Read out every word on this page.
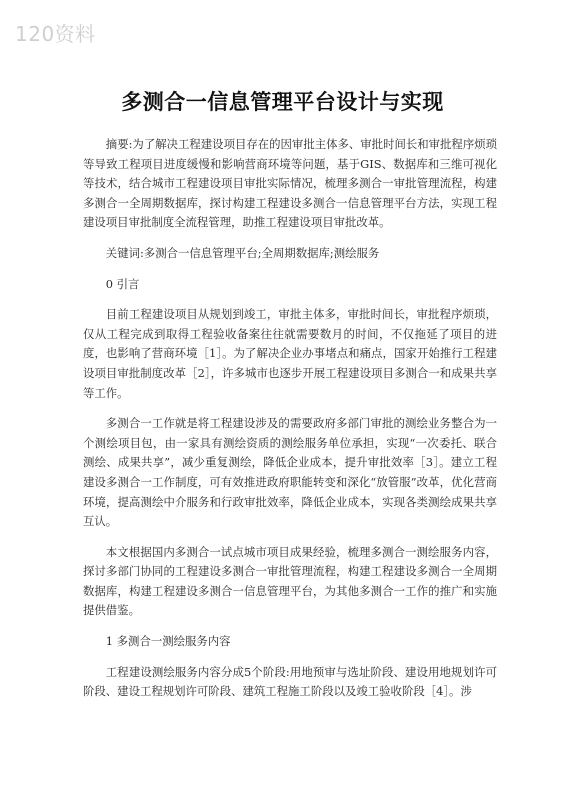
120资料
多测合一信息管理平台设计与实现

摘要:为了解决工程建设项目存在的因审批主体多、审批时间长和审批程序烦琐等导致工程项目进度缓慢和影响营商环境等问题，基于GIS、数据库和三维可视化等技术，结合城市工程建设项目审批实际情况，梳理多测合一审批管理流程，构建多测合一全周期数据库，探讨构建工程建设多测合一信息管理平台方法，实现工程建设项目审批制度全流程管理，助推工程建设项目审批改革。

关键词:多测合一信息管理平台;全周期数据库;测绘服务

0 引言

目前工程建设项目从规划到竣工，审批主体多，审批时间长，审批程序烦琐，仅从工程完成到取得工程验收备案往往就需要数月的时间，不仅拖延了项目的进度，也影响了营商环境［1］。为了解决企业办事堵点和痛点，国家开始推行工程建设项目审批制度改革［2］，许多城市也逐步开展工程建设项目多测合一和成果共享等工作。

多测合一工作就是将工程建设涉及的需要政府多部门审批的测绘业务整合为一个测绘项目包，由一家具有测绘资质的测绘服务单位承担，实现“一次委托、联合测绘、成果共享”，减少重复测绘，降低企业成本，提升审批效率［3］。建立工程建设多测合一工作制度，可有效推进政府职能转变和深化“放管服”改革，优化营商环境，提高测绘中介服务和行政审批效率，降低企业成本，实现各类测绘成果共享互认。

本文根据国内多测合一试点城市项目成果经验，梳理多测合一测绘服务内容，探讨多部门协同的工程建设多测合一审批管理流程，构建工程建设多测合一全周期数据库，构建工程建设多测合一信息管理平台，为其他多测合一工作的推广和实施提供借鉴。

1 多测合一测绘服务内容

工程建设测绘服务内容分成5个阶段:用地预审与选址阶段、建设用地规划许可阶段、建设工程规划许可阶段、建筑工程施工阶段以及竣工验收阶段［4］。涉
